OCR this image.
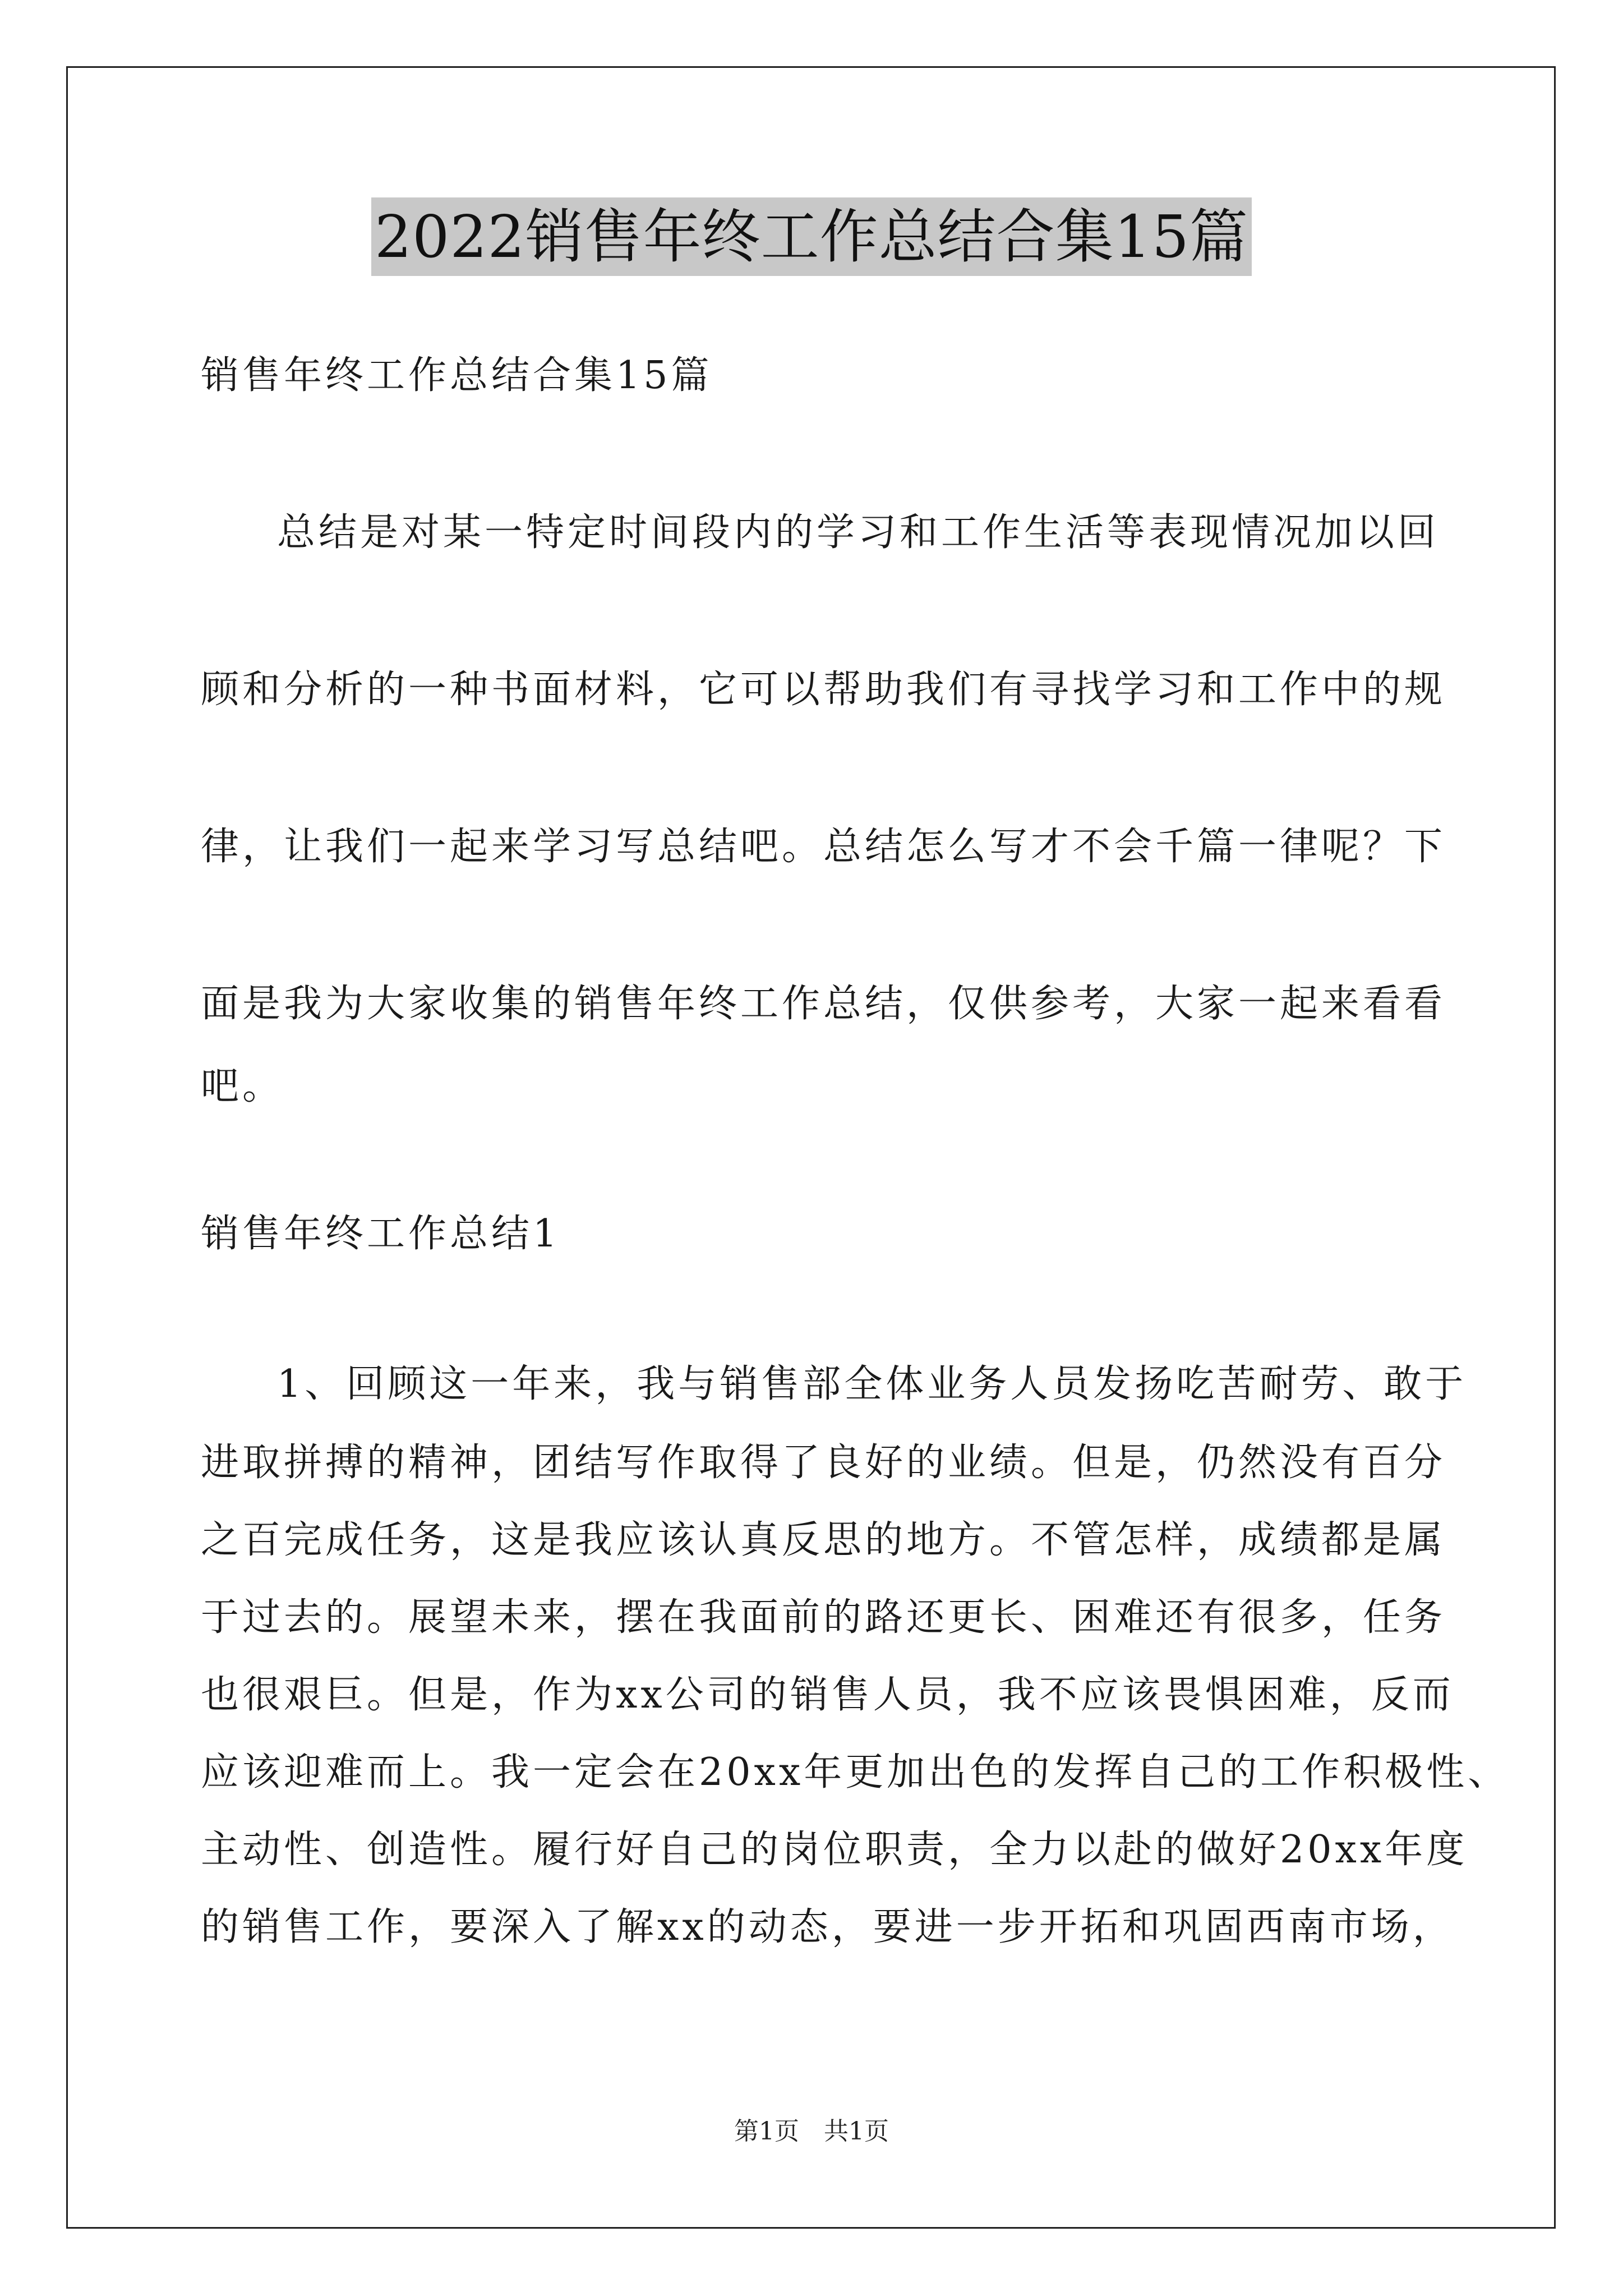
2022销售年终工作总结合集15篇
销售年终工作总结合集15篇
总结是对某一特定时间段内的学习和工作生活等表现情况加以回
顾和分析的一种书面材料，它可以帮助我们有寻找学习和工作中的规
律，让我们一起来学习写总结吧。总结怎么写才不会千篇一律呢？下
面是我为大家收集的销售年终工作总结，仅供参考，大家一起来看看
吧。
销售年终工作总结1
1、回顾这一年来，我与销售部全体业务人员发扬吃苦耐劳、敢于
进取拼搏的精神，团结写作取得了良好的业绩。但是，仍然没有百分
之百完成任务，这是我应该认真反思的地方。不管怎样，成绩都是属
于过去的。展望未来，摆在我面前的路还更长、困难还有很多，任务
也很艰巨。但是，作为xx公司的销售人员，我不应该畏惧困难，反而
应该迎难而上。我一定会在20xx年更加出色的发挥自己的工作积极性、
主动性、创造性。履行好自己的岗位职责，全力以赴的做好20xx年度
的销售工作，要深入了解xx的动态，要进一步开拓和巩固西南市场，
第1页　共1页
